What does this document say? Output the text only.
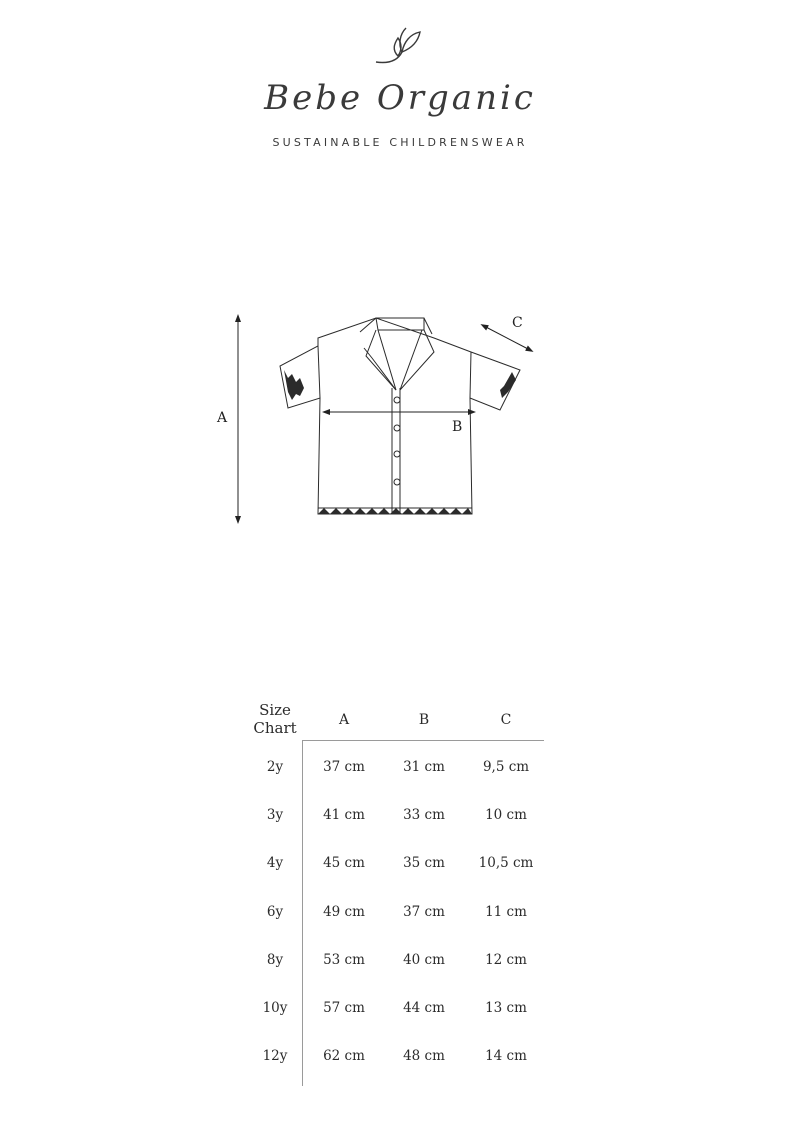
Bebe Organic
SUSTAINABLE CHILDRENSWEAR
A
B
C
Size
Chart	A	B	C
2y	37 cm	31 cm	9,5 cm
3y	41 cm	33 cm	10 cm
4y	45 cm	35 cm	10,5 cm
6y	49 cm	37 cm	11 cm
8y	53 cm	40 cm	12 cm
10y	57 cm	44 cm	13 cm
12y	62 cm	48 cm	14 cm
